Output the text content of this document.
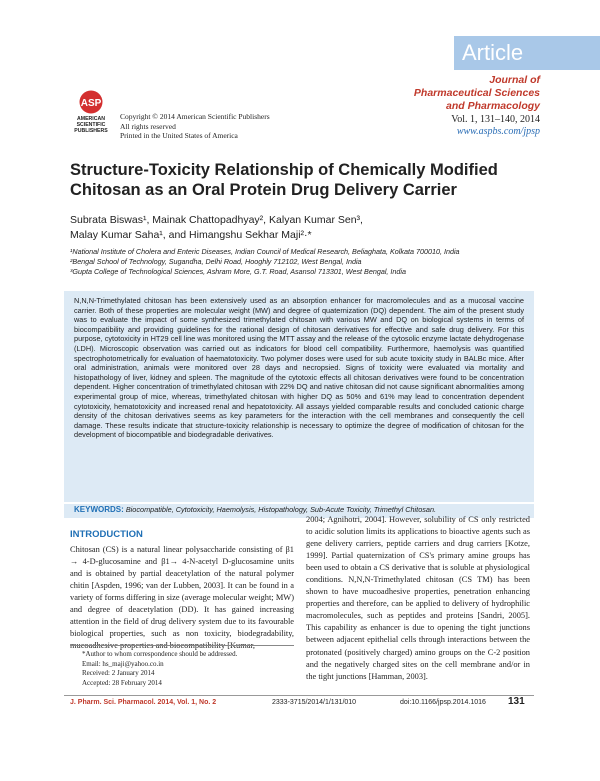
Article
Journal of
Pharmaceutical Sciences
and Pharmacology
Vol. 1, 131–140, 2014
www.aspbs.com/jpsp
ASP
AMERICAN
SCIENTIFIC
PUBLISHERS
Copyright © 2014 American Scientific Publishers
All rights reserved
Printed in the United States of America
Structure-Toxicity Relationship of Chemically Modified
Chitosan as an Oral Protein Drug Delivery Carrier
Subrata Biswas¹, Mainak Chattopadhyay², Kalyan Kumar Sen³,
Malay Kumar Saha¹, and Himangshu Sekhar Maji²·*
¹National Institute of Cholera and Enteric Diseases, Indian Council of Medical Research, Beliaghata, Kolkata 700010, India
²Bengal School of Technology, Sugandha, Delhi Road, Hooghly 712102, West Bengal, India
³Gupta College of Technological Sciences, Ashram More, G.T. Road, Asansol 713301, West Bengal, India
N,N,N-Trimethylated chitosan has been extensively used as an absorption enhancer for macromolecules and as a mucosal vaccine carrier. Both of these properties are molecular weight (MW) and degree of quaternization (DQ) dependent. The aim of the present study was to evaluate the impact of some synthesized trimethylated chitosan with various MW and DQ on biological systems in terms of biocompatibility and providing guidelines for the rational design of chitosan derivatives for effective and safe drug delivery. For this purpose, cytotoxicity in HT29 cell line was monitored using the MTT assay and the release of the cytosolic enzyme lactate dehydrogenase (LDH). Microscopic observation was carried out as indicators for blood cell compatibility. Furthermore, haemolysis was quantified spectrophotometrically for evaluation of haematotoxicity. Two polymer doses were used for sub acute toxicity study in BALBc mice. After oral administration, animals were monitored over 28 days and necropsied. Signs of toxicity were evaluated via mortality and histopathology of liver, kidney and spleen. The magnitude of the cytotoxic effects all chitosan derivatives were found to be concentration dependent. Higher concentration of trimethylated chitosan with 22% DQ and native chitosan did not cause significant abnormalities among experimental group of mice, whereas, trimethylated chitosan with higher DQ as 50% and 61% may lead to concentration dependent cytotoxicity, hematotoxicity and increased renal and hepatotoxicity. All assays yielded comparable results and concluded cationic charge density of the chitosan derivatives seems as key parameters for the interaction with the cell membranes and consequently the cell damage. These results indicate that structure-toxicity relationship is necessary to optimize the degree of modification of chitosan for the development of biocompatible and biodegradable derivatives.
KEYWORDS: Biocompatible, Cytotoxicity, Haemolysis, Histopathology, Sub-Acute Toxicity, Trimethyl Chitosan.
INTRODUCTION

Chitosan (CS) is a natural linear polysaccharide consisting of β1 → 4-D-glucosamine and β1→ 4-N-acetyl D-glucosamine units and is obtained by partial deacetylation of the natural polymer chitin [Aspden, 1996; van der Lubben, 2003]. It can be found in a variety of forms differing in size (average molecular weight; MW) and degree of deacetylation (DD). It has gained increasing attention in the field of drug delivery system due to its favourable biological properties, such as non toxicity, biodegradability, mucoadhesive properties and biocompatibility [Kumar,

2004; Agnihotri, 2004]. However, solubility of CS only restricted to acidic solution limits its applications to bioactive agents such as gene delivery carriers, peptide carriers and drug carriers [Kotze, 1999]. Partial quaternization of CS's primary amine groups has been used to obtain a CS derivative that is soluble at physiological conditions. N,N,N-Trimethylated chitosan (CS TM) has been shown to have mucoadhesive properties, penetration enhancing properties and therefore, can be applied to delivery of hydrophilic macromolecules, such as peptides and proteins [Sandri, 2005]. This capability as enhancer is due to opening the tight junctions between adjacent epithelial cells through interactions between the protonated (positively charged) amino groups on the C-2 position and the negatively charged sites on the cell membrane and/or in the tight junctions [Hamman, 2003].

*Author to whom correspondence should be addressed.
Email: hs_maji@yahoo.co.in
Received: 2 January 2014
Accepted: 28 February 2014
J. Pharm. Sci. Pharmacol. 2014, Vol. 1, No. 2	2333-3715/2014/1/131/010	doi:10.1166/jpsp.2014.1016 131
